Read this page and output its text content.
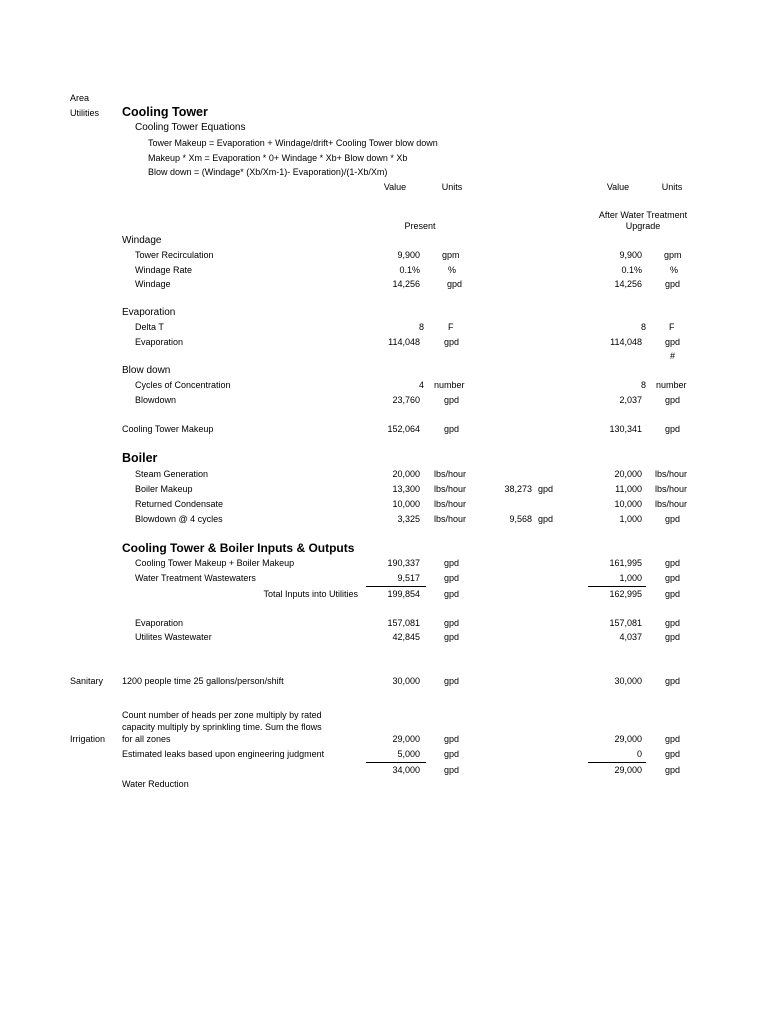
Area
Utilities Cooling Tower
Cooling Tower Equations
Tower Makeup = Evaporation + Windage/drift+ Cooling Tower blow down
Makeup * Xm = Evaporation * 0+ Windage * Xb+ Blow down * Xb
Blow down = (Windage* (Xb/Xm-1)- Evaporation)/(1-Xb/Xm)
Value	Units	Value	Units
Present
After Water Treatment
Upgrade
Windage
Tower Recirculation	9,900 gpm	9,900 gpm
Windage Rate	0.1%	%	0.1%	%
Windage	14,256	gpd	14,256	gpd
Evaporation
Delta T	8	F	8	F
Evaporation	114,048	gpd	114,048	gpd
#
Blow down
Cycles of Concentration	4 number	8 number
Blowdown	23,760	gpd	2,037	gpd
Cooling Tower Makeup	152,064	gpd	130,341	gpd
Boiler
Steam Generation	20,000 lbs/hour	20,000 lbs/hour
Boiler Makeup	13,300 lbs/hour	38,273 gpd	11,000 lbs/hour
Returned Condensate	10,000 lbs/hour	10,000 lbs/hour
Blowdown @ 4 cycles	3,325 lbs/hour	9,568 gpd	1,000	gpd
Cooling Tower & Boiler Inputs & Outputs
Cooling Tower Makeup + Boiler Makeup	190,337	gpd	161,995	gpd
Water Treatment Wastewaters	9,517	gpd	1,000	gpd
Total Inputs into Utilities	199,854	gpd	162,995	gpd
Evaporation	157,081	gpd	157,081	gpd
Utilites Wastewater	42,845	gpd	4,037	gpd
Sanitary 1200 people time 25 gallons/person/shift	30,000	gpd	30,000	gpd
Count number of heads per zone multiply by rated
capacity multiply by sprinkling time. Sum the flows
Irrigation for all zones	29,000	gpd	29,000	gpd
Estimated leaks based upon engineering judgment	5,000	gpd	0	gpd
34,000	gpd	29,000	gpd
Water Reduction
